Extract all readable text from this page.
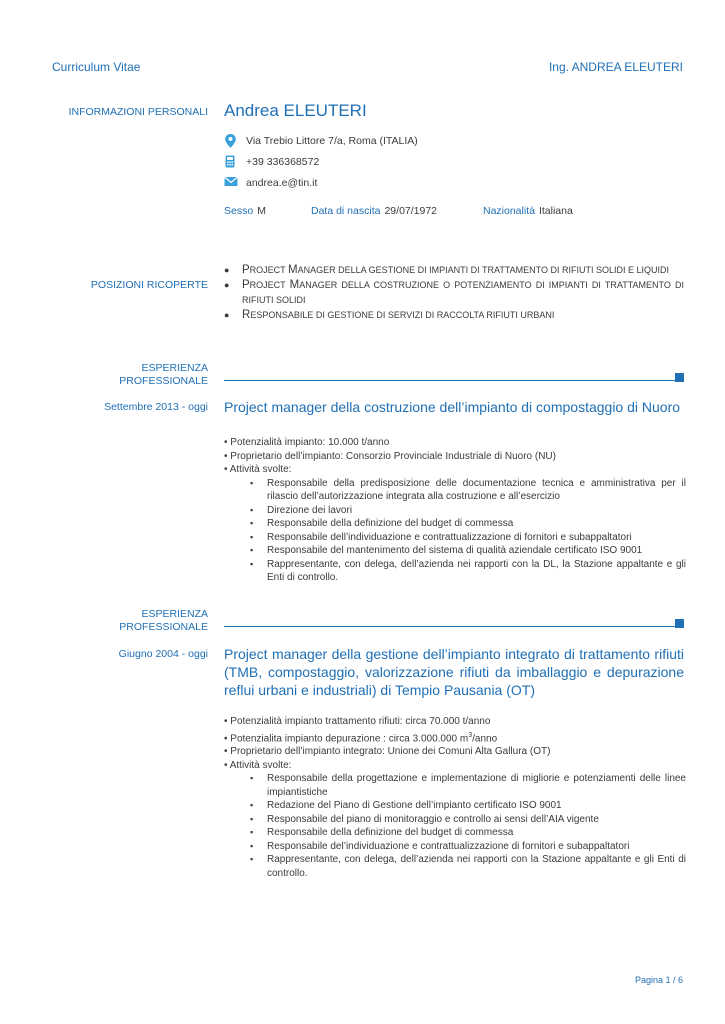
Curriculum Vitae	Ing. ANDREA ELEUTERI
INFORMAZIONI PERSONALI Andrea ELEUTERI
Via Trebio Littore 7/a, Roma (ITALIA)
+39 336368572
andrea.e@tin.it
Sesso M	Data di nascita 29/07/1972	Nazionalità Italiana
POSIZIONI RICOPERTE
● PROJECT MANAGER DELLA GESTIONE DI IMPIANTI DI TRATTAMENTO DI RIFIUTI SOLIDI E LIQUIDI
● PROJECT MANAGER DELLA COSTRUZIONE O POTENZIAMENTO DI IMPIANTI DI TRATTAMENTO DI RIFIUTI SOLIDI
● RESPONSABILE DI GESTIONE DI SERVIZI DI RACCOLTA RIFIUTI URBANI
ESPERIENZA PROFESSIONALE
Settembre 2013 - oggi Project manager della costruzione dell’impianto di compostaggio di Nuoro
• Potenzialità impianto: 10.000 t/anno
• Proprietario dell’impianto: Consorzio Provinciale Industriale di Nuoro (NU)
• Attività svolte:
▪ Responsabile della predisposizione delle documentazione tecnica e amministrativa per il rilascio dell’autorizzazione integrata alla costruzione e all’esercizio
▪ Direzione dei lavori
▪ Responsabile della definizione del budget di commessa
▪ Responsabile dell’individuazione e contrattualizzazione di fornitori e subappaltatori
▪ Responsabile del mantenimento del sistema di qualità aziendale certificato ISO 9001
▪ Rappresentante, con delega, dell’azienda nei rapporti con la DL, la Stazione appaltante e gli Enti di controllo.
ESPERIENZA PROFESSIONALE
Giugno 2004 - oggi Project manager della gestione dell’impianto integrato di trattamento rifiuti (TMB, compostaggio, valorizzazione rifiuti da imballaggio e depurazione reflui urbani e industriali) di Tempio Pausania (OT)
• Potenzialità impianto trattamento rifiuti: circa 70.000 t/anno
• Potenzialita impianto depurazione : circa 3.000.000 $m^3$/anno
• Proprietario dell’impianto integrato: Unione dei Comuni Alta Gallura (OT)
• Attività svolte:
▪ Responsabile della progettazione e implementazione di migliorie e potenziamenti delle linee impiantistiche
▪ Redazione del Piano di Gestione dell’impianto certificato ISO 9001
▪ Responsabile del piano di monitoraggio e controllo ai sensi dell’AIA vigente
▪ Responsabile della definizione del budget di commessa
▪ Responsabile del’individuazione e contrattualizzazione di fornitori e subappaltatori
▪ Rappresentante, con delega, dell’azienda nei rapporti con la Stazione appaltante e gli Enti di controllo.
Pagina 1 / 6
